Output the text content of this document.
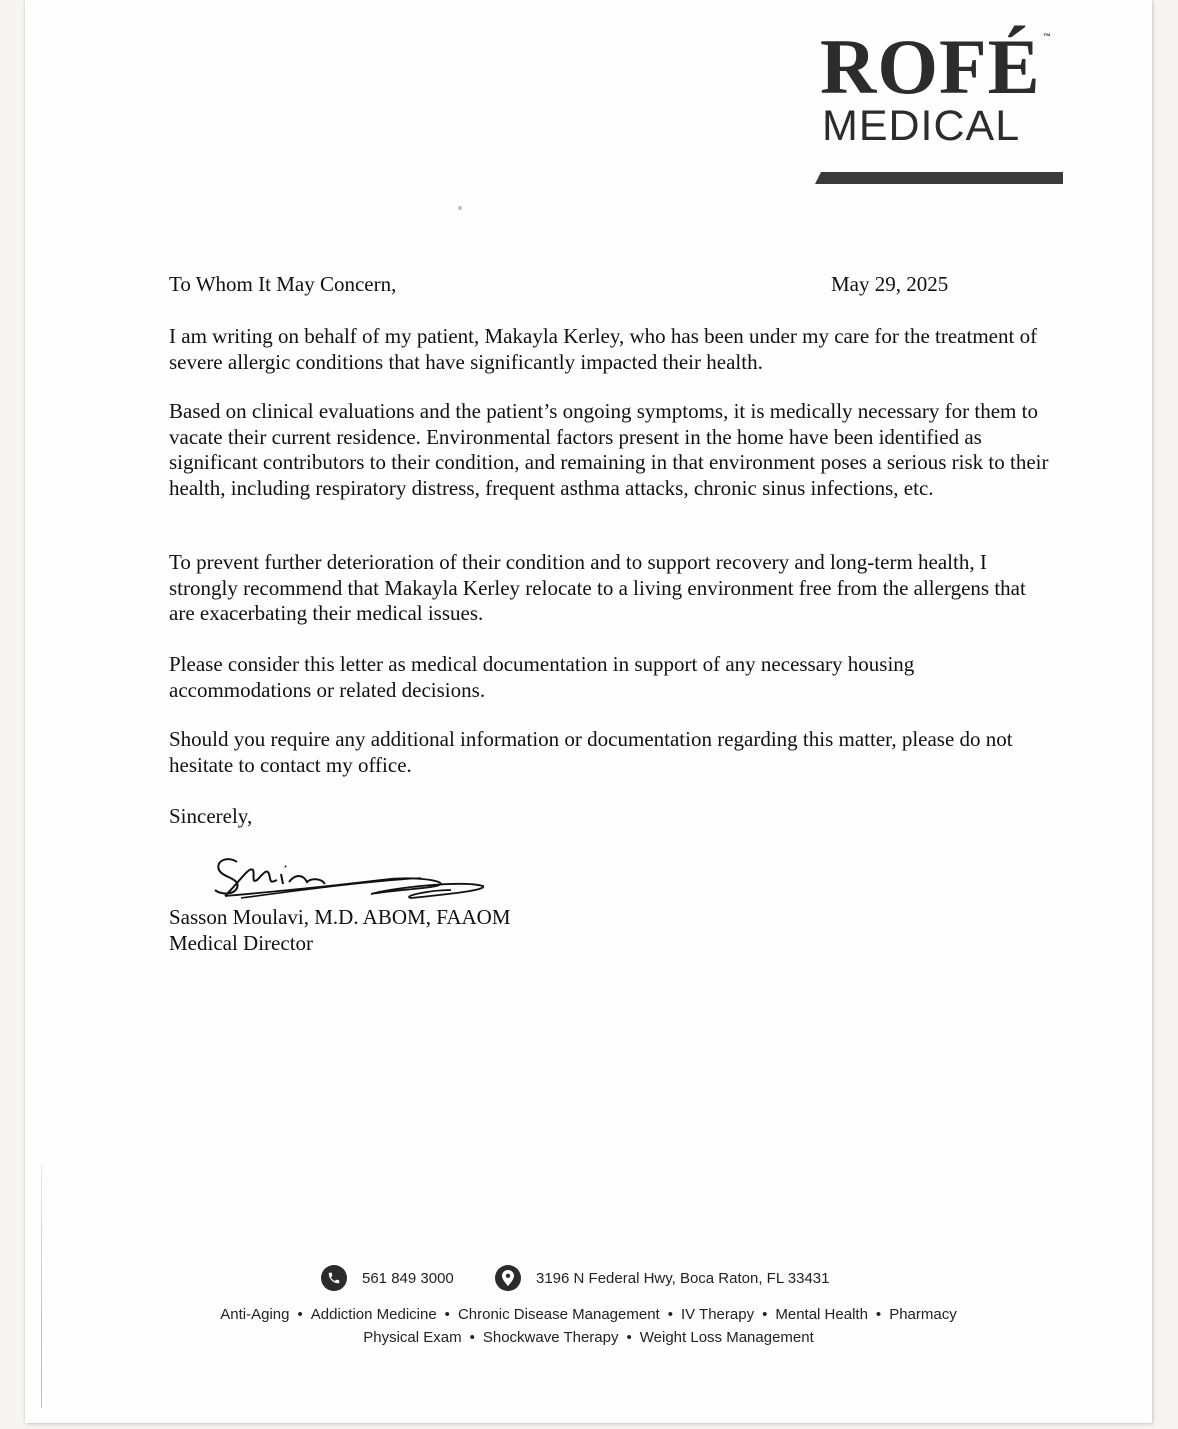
ROFÉ ™
MEDICAL
To Whom It May Concern,	May 29, 2025
I am writing on behalf of my patient, Makayla Kerley, who has been under my care for the treatment of severe allergic conditions that have significantly impacted their health.
Based on clinical evaluations and the patient’s ongoing symptoms, it is medically necessary for them to vacate their current residence. Environmental factors present in the home have been identified as significant contributors to their condition, and remaining in that environment poses a serious risk to their health, including respiratory distress, frequent asthma attacks, chronic sinus infections, etc.
To prevent further deterioration of their condition and to support recovery and long-term health, I strongly recommend that Makayla Kerley relocate to a living environment free from the allergens that are exacerbating their medical issues.
Please consider this letter as medical documentation in support of any necessary housing accommodations or related decisions.
Should you require any additional information or documentation regarding this matter, please do not hesitate to contact my office.
Sincerely,
Sasson Moulavi, M.D. ABOM, FAAOM
Medical Director
561 849 3000	3196 N Federal Hwy, Boca Raton, FL 33431
Anti-Aging • Addiction Medicine • Chronic Disease Management • IV Therapy • Mental Health • Pharmacy
Physical Exam • Shockwave Therapy • Weight Loss Management
